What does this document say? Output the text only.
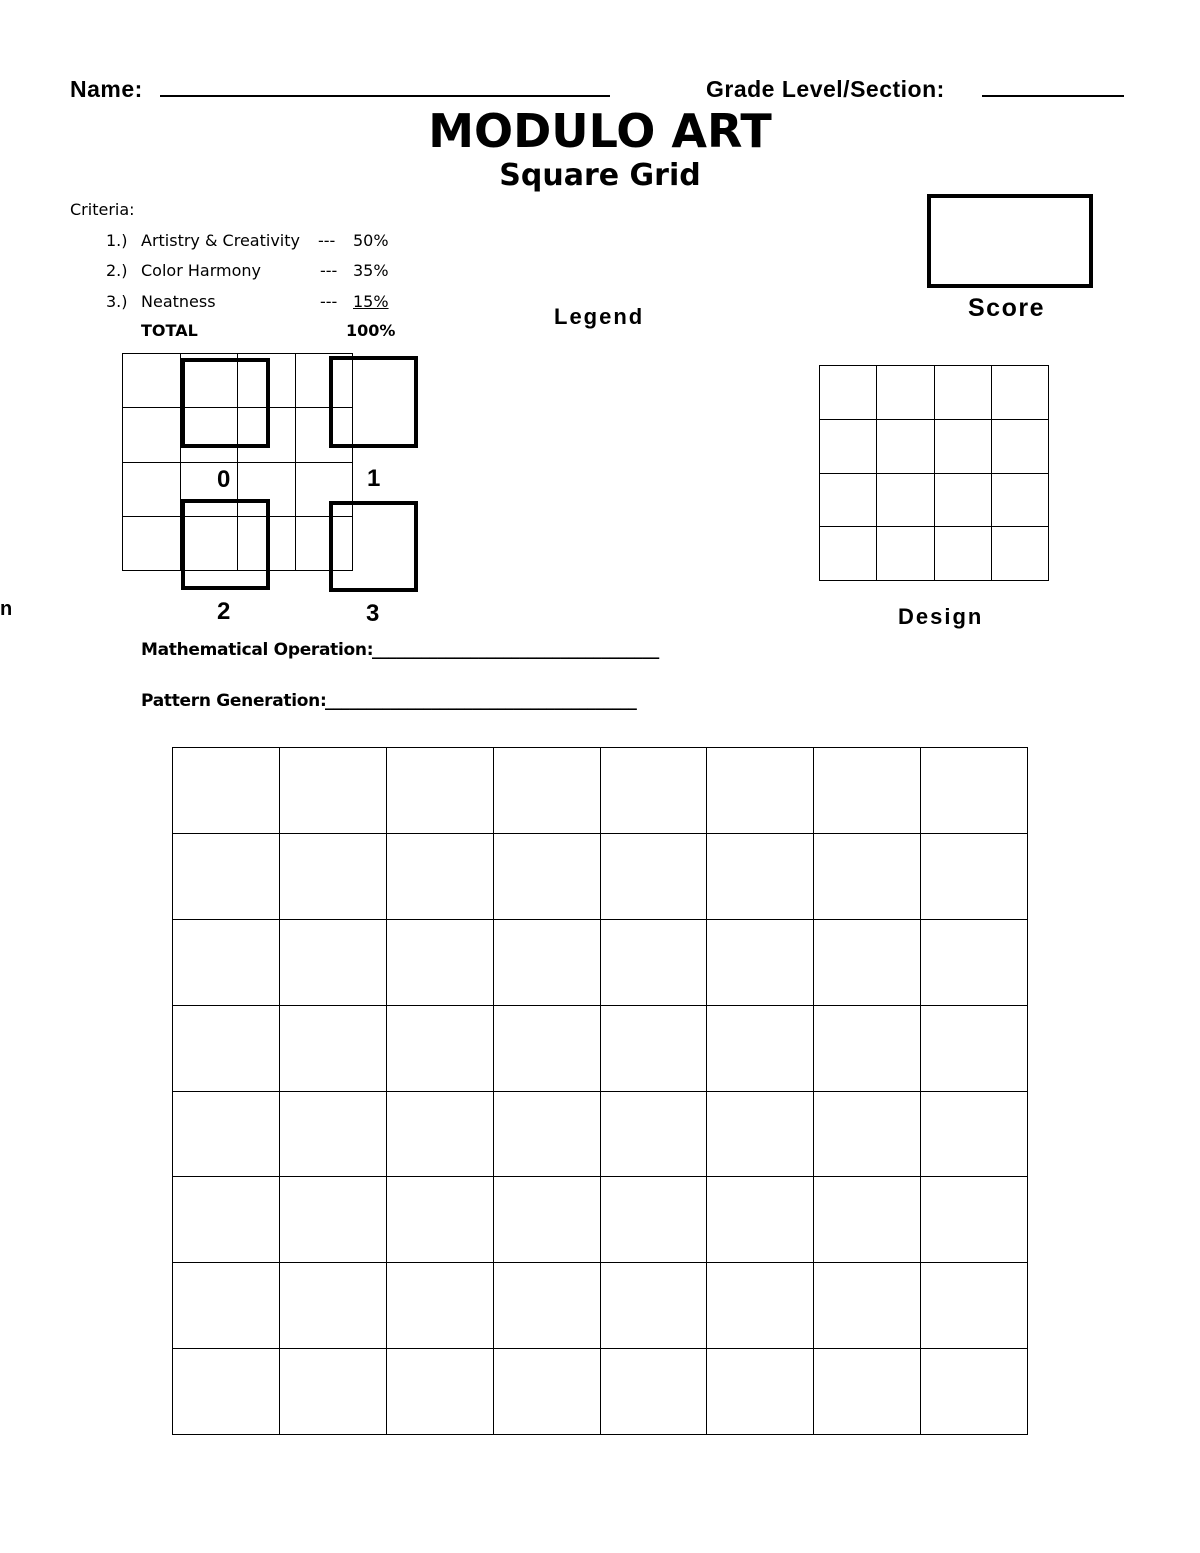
Name:	Grade Level/Section:
MODULO ART
Square Grid
Criteria:
1.) Artistry & Creativity --- 50%
2.) Color Harmony	--- 35%
3.) Neatness	--- 15%
TOTAL	100%
Legend	Score

0	1
2	3
n

				Design
Mathematical Operation:
___________________________________
Pattern Generation:
______________________________________
